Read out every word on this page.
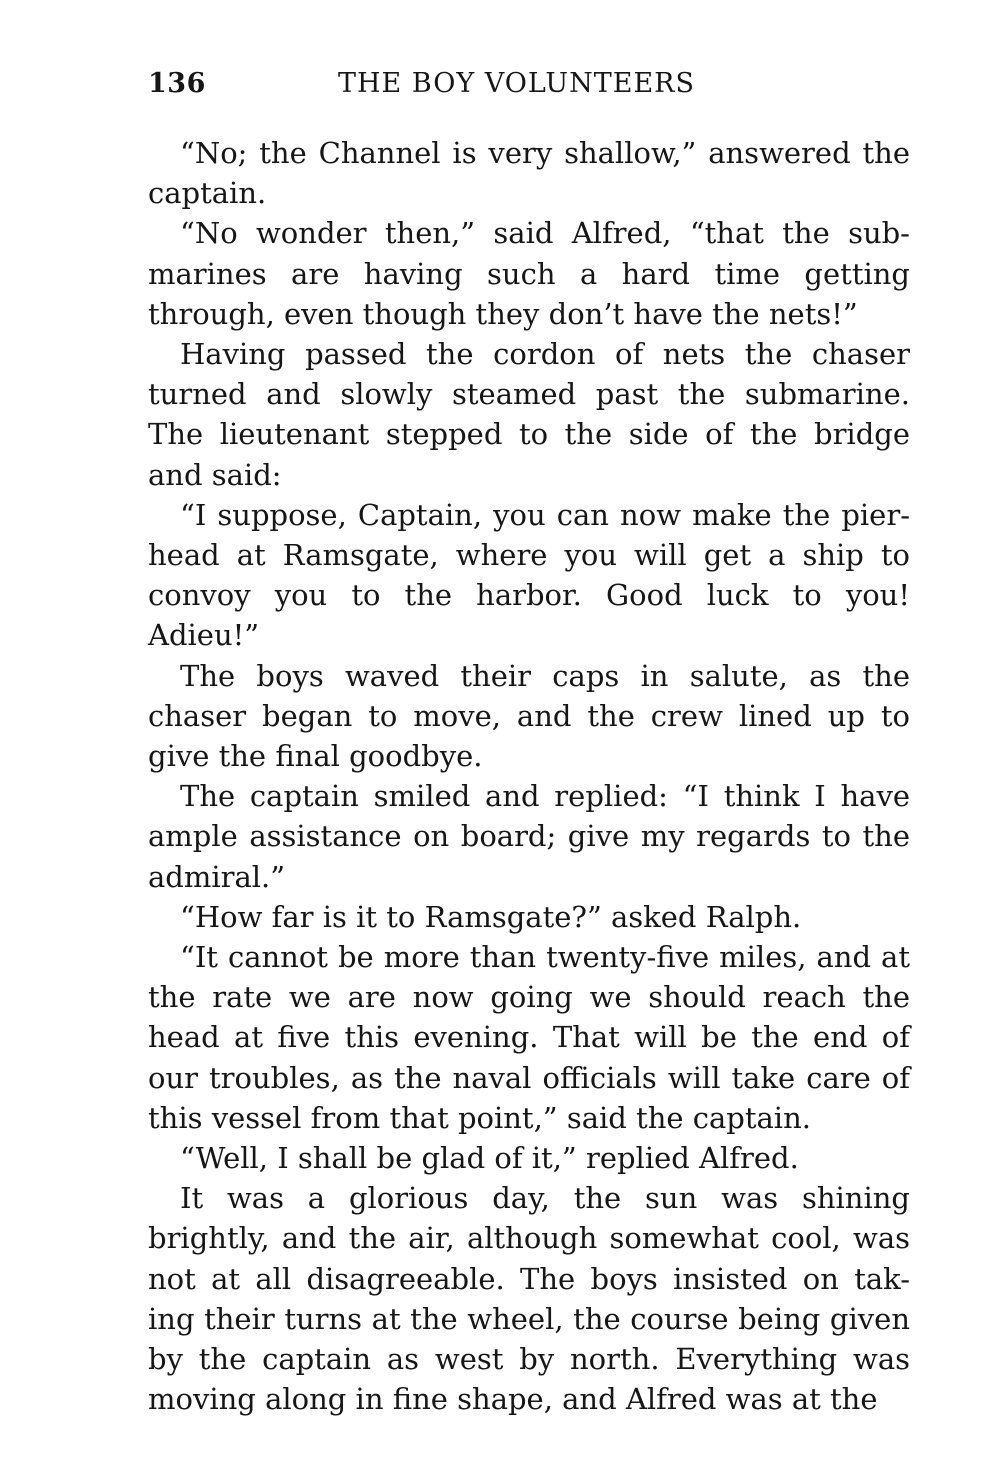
136	THE BOY VOLUNTEERS

“No; the Channel is very shallow,” answered the captain.

“No wonder then,” said Alfred, “that the sub- marines are having such a hard time getting through, even though they don’t have the nets!”

Having passed the cordon of nets the chaser turned and slowly steamed past the submarine. The lieutenant stepped to the side of the bridge and said:

“I suppose, Captain, you can now make the pier- head at Ramsgate, where you will get a ship to convoy you to the harbor. Good luck to you! Adieu!”

The boys waved their caps in salute, as the chaser began to move, and the crew lined up to give the final goodbye.

The captain smiled and replied: “I think I have ample assistance on board; give my regards to the admiral.”

“How far is it to Ramsgate?” asked Ralph.

“It cannot be more than twenty-five miles, and at the rate we are now going we should reach the head at five this evening. That will be the end of our troubles, as the naval officials will take care of this vessel from that point,” said the captain.

“Well, I shall be glad of it,” replied Alfred.

It was a glorious day, the sun was shining brightly, and the air, although somewhat cool, was not at all disagreeable. The boys insisted on tak- ing their turns at the wheel, the course being given by the captain as west by north. Everything was moving along in fine shape, and Alfred was at the
